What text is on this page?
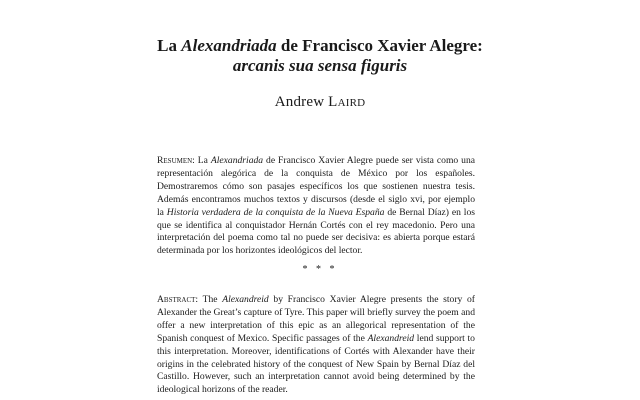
La Alexandriada de Francisco Xavier Alegre:
arcanis sua sensa figuris
Andrew Laird
Resumen: La Alexandriada de Francisco Xavier Alegre puede ser vista como una representación alegórica de la conquista de México por los españoles. Demostraremos cómo son pasajes específicos los que sostienen nuestra tesis. Además encontramos muchos textos y discursos (desde el siglo xvi, por ejemplo la Historia verdadera de la conquista de la Nueva España de Bernal Díaz) en los que se identifica al conquistador Hernán Cortés con el rey macedonio. Pero una interpretación del poema como tal no puede ser decisiva: es abierta porque estará determinada por los horizontes ideológicos del lector.
* * *
Abstract: The Alexandreid by Francisco Xavier Alegre presents the story of Alexander the Great’s capture of Tyre. This paper will briefly survey the poem and offer a new interpretation of this epic as an allegorical representation of the Spanish conquest of Mexico. Specific passages of the Alexandreid lend support to this interpretation. Moreover, identifications of Cortés with Alexander have their origins in the celebrated history of the conquest of New Spain by Bernal Díaz del Castillo. However, such an interpretation cannot avoid being determined by the ideological horizons of the reader.
